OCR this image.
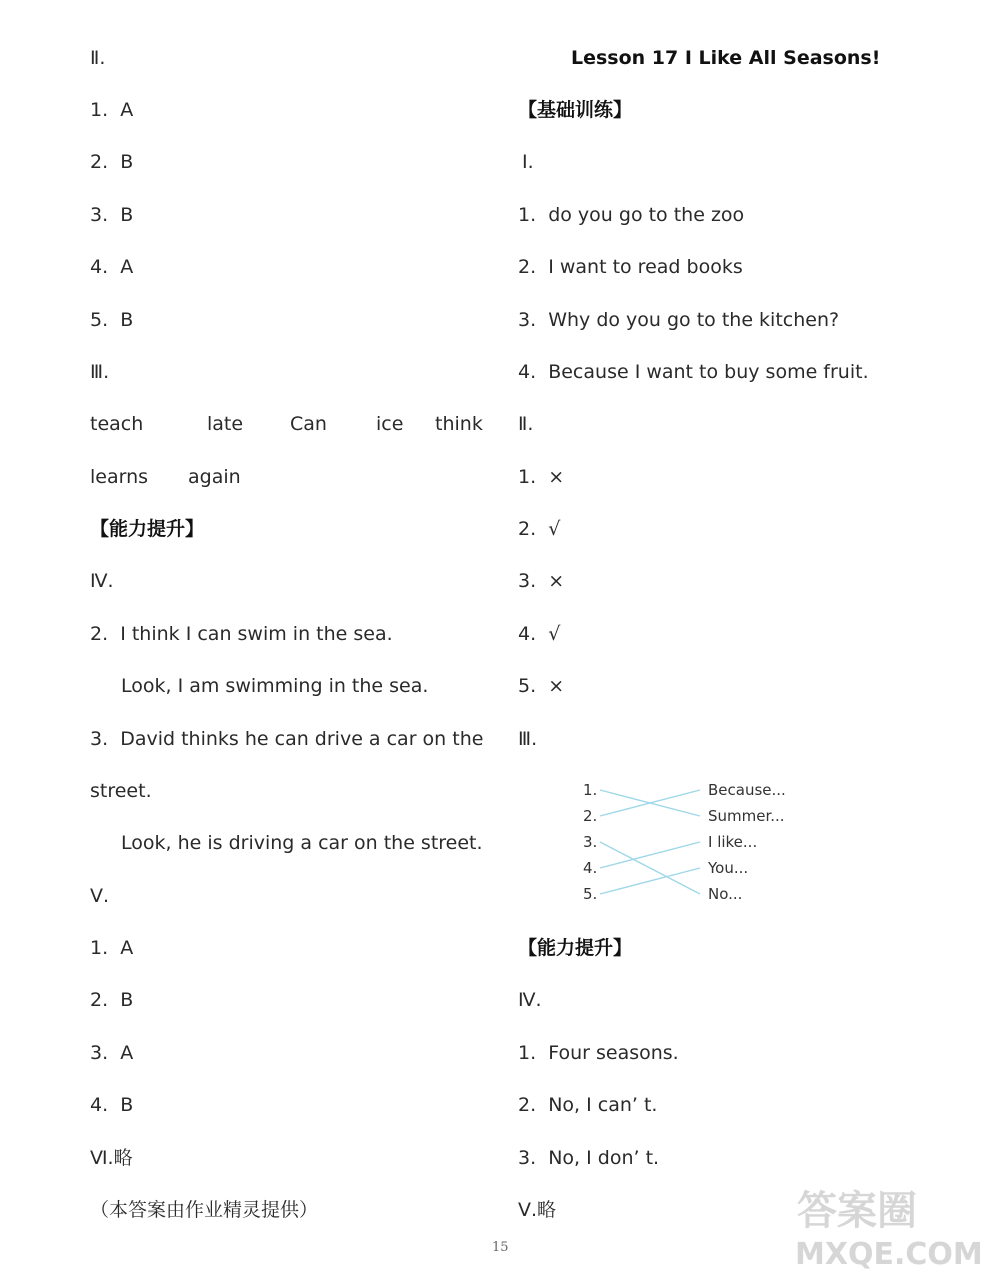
Ⅱ.
1.  A
2.  B
3.  B
4.  A
5.  B
Ⅲ.
teach	late Can	ice think
learns again
【能力提升】
Ⅳ.
2.  I think I can swim in the sea.
Look, I am swimming in the sea.
3.  David thinks he can drive a car on the
street.
Look, he is driving a car on the street.
Ⅴ.
1.  A
2.  B
3.  A
4.  B
Ⅵ.略
（本答案由作业精灵提供）
Lesson 17 I Like All Seasons!
【基础训练】
Ⅰ.
1.  do you go to the zoo
2.  I want to read books
3.  Why do you go to the kitchen?
4.  Because I want to buy some fruit.
Ⅱ.
1.  ×
2.  √
3.  ×
4.  √
5.  ×
Ⅲ.
1.
2.
3.
4.
5.
Because...
Summer...
I like...
You...
No...
【能力提升】
Ⅳ.
1.  Four seasons.
2.  No, I can’ t.
3.  No, I don’ t.
Ⅴ.略
15
答案圈
MXQE.COM
